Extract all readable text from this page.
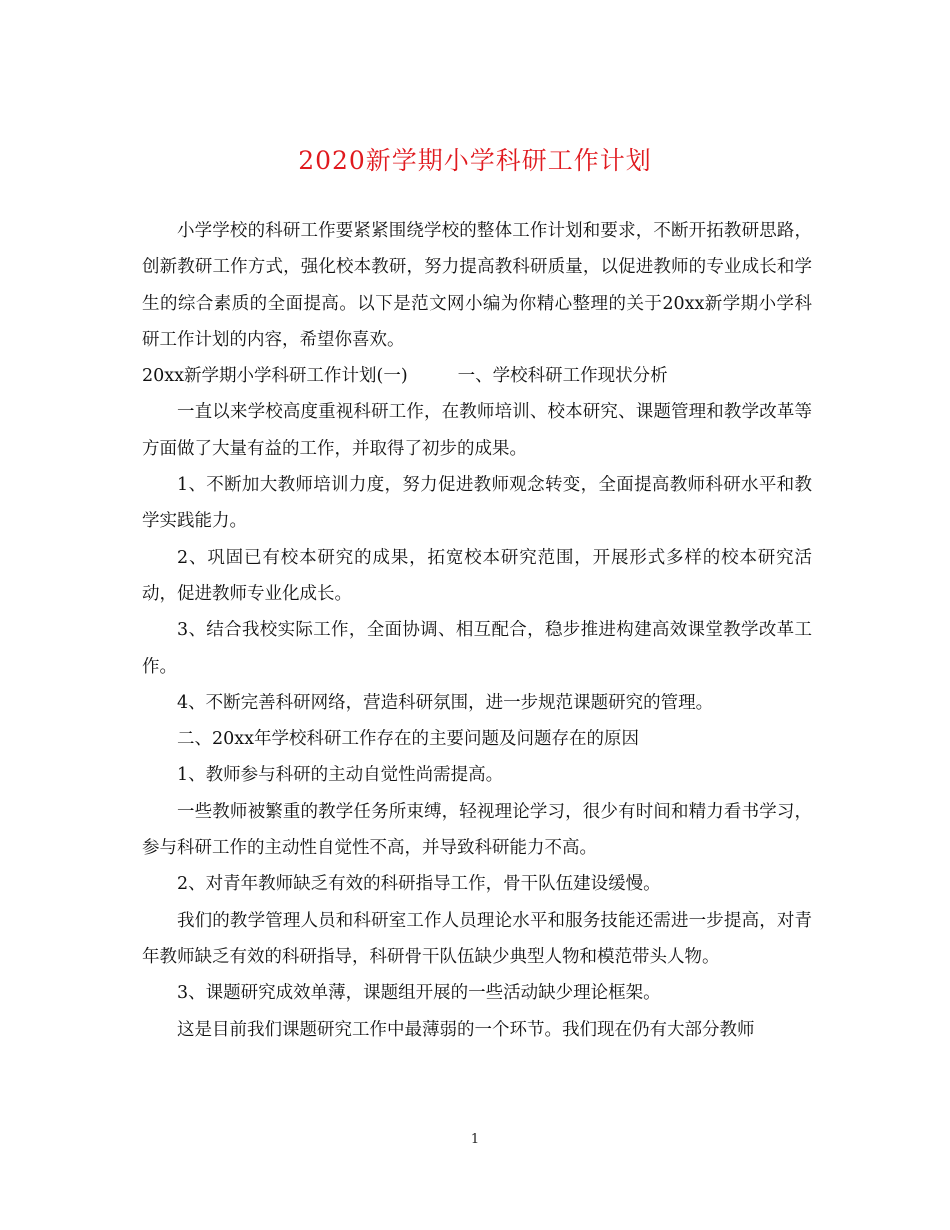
2020新学期小学科研工作计划

小学学校的科研工作要紧紧围绕学校的整体工作计划和要求，不断开拓教研思路，创新教研工作方式，强化校本教研，努力提高教科研质量，以促进教师的专业成长和学生的综合素质的全面提高。以下是范文网小编为你精心整理的关于20xx新学期小学科研工作计划的内容，希望你喜欢。

20xx新学期小学科研工作计划(一)	一、学校科研工作现状分析

一直以来学校高度重视科研工作，在教师培训、校本研究、课题管理和教学改革等方面做了大量有益的工作，并取得了初步的成果。

1、不断加大教师培训力度，努力促进教师观念转变，全面提高教师科研水平和教学实践能力。

2、巩固已有校本研究的成果，拓宽校本研究范围，开展形式多样的校本研究活动，促进教师专业化成长。

3、结合我校实际工作，全面协调、相互配合，稳步推进构建高效课堂教学改革工作。

4、不断完善科研网络，营造科研氛围，进一步规范课题研究的管理。

二、20xx年学校科研工作存在的主要问题及问题存在的原因

1、教师参与科研的主动自觉性尚需提高。

一些教师被繁重的教学任务所束缚，轻视理论学习，很少有时间和精力看书学习，参与科研工作的主动性自觉性不高，并导致科研能力不高。

2、对青年教师缺乏有效的科研指导工作，骨干队伍建设缓慢。

我们的教学管理人员和科研室工作人员理论水平和服务技能还需进一步提高，对青年教师缺乏有效的科研指导，科研骨干队伍缺少典型人物和模范带头人物。

3、课题研究成效单薄，课题组开展的一些活动缺少理论框架。

这是目前我们课题研究工作中最薄弱的一个环节。我们现在仍有大部分教师

1
